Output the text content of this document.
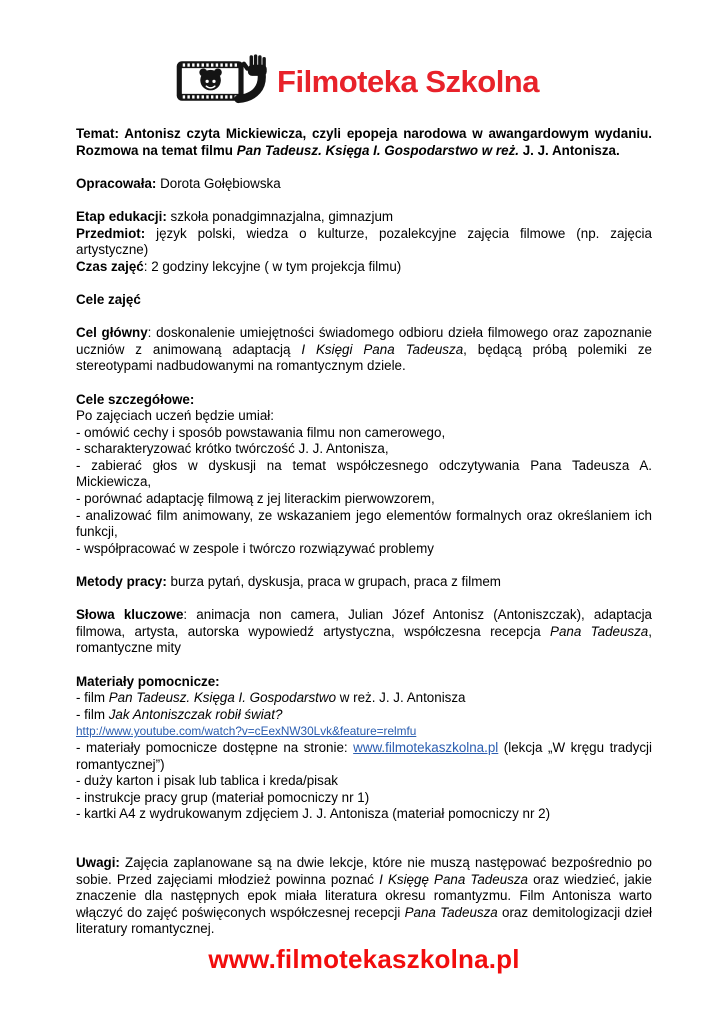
Filmoteka Szkolna

Temat: Antonisz czyta Mickiewicza, czyli epopeja narodowa w awangardowym wydaniu. Rozmowa na temat filmu Pan Tadeusz. Księga I. Gospodarstwo w reż. J. J. Antonisza.

Opracowała: Dorota Gołębiowska

Etap edukacji: szkoła ponadgimnazjalna, gimnazjum

Przedmiot: język polski, wiedza o kulturze, pozalekcyjne zajęcia filmowe (np. zajęcia artystyczne)

Czas zajęć: 2 godziny lekcyjne ( w tym projekcja filmu)

Cele zajęć

Cel główny: doskonalenie umiejętności świadomego odbioru dzieła filmowego oraz zapoznanie uczniów z animowaną adaptacją I Księgi Pana Tadeusza, będącą próbą polemiki ze stereotypami nadbudowanymi na romantycznym dziele.

Cele szczegółowe:

Po zajęciach uczeń będzie umiał:

- omówić cechy i sposób powstawania filmu non camerowego,

- scharakteryzować krótko twórczość J. J. Antonisza,

- zabierać głos w dyskusji na temat współczesnego odczytywania Pana Tadeusza A. Mickiewicza,

- porównać adaptację filmową z jej literackim pierwowzorem,

- analizować film animowany, ze wskazaniem jego elementów formalnych oraz określaniem ich funkcji,

- współpracować w zespole i twórczo rozwiązywać problemy

Metody pracy: burza pytań, dyskusja, praca w grupach, praca z filmem

Słowa kluczowe: animacja non camera, Julian Józef Antonisz (Antoniszczak), adaptacja filmowa, artysta, autorska wypowiedź artystyczna, współczesna recepcja Pana Tadeusza, romantyczne mity

Materiały pomocnicze:

- film Pan Tadeusz. Księga I. Gospodarstwo w reż. J. J. Antonisza

- film Jak Antoniszczak robił świat?

http://www.youtube.com/watch?v=cEexNW30Lvk&feature=relmfu

- materiały pomocnicze dostępne na stronie: www.filmotekaszkolna.pl (lekcja „W kręgu tradycji romantycznej”)

- duży karton i pisak lub tablica i kreda/pisak

- instrukcje pracy grup (materiał pomocniczy nr 1)

- kartki A4 z wydrukowanym zdjęciem J. J. Antonisza (materiał pomocniczy nr 2)

Uwagi: Zajęcia zaplanowane są na dwie lekcje, które nie muszą następować bezpośrednio po sobie. Przed zajęciami młodzież powinna poznać I Księgę Pana Tadeusza oraz wiedzieć, jakie znaczenie dla następnych epok miała literatura okresu romantyzmu. Film Antonisza warto włączyć do zajęć poświęconych współczesnej recepcji Pana Tadeusza oraz demitologizacji dzieł literatury romantycznej.

www.filmotekaszkolna.pl
